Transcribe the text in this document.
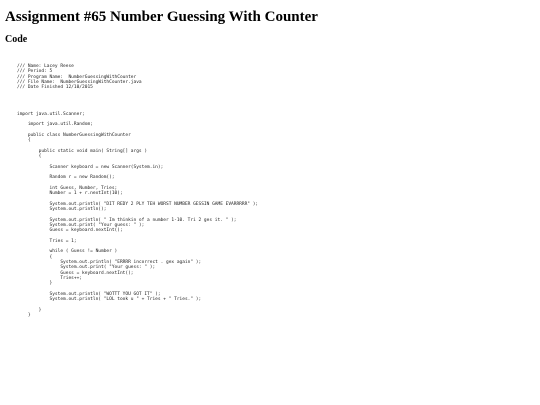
Assignment #65 Number Guessing With Counter
Code
/// Name: Lacey Reese
/// Period: 5
/// Program Name:  NumberGuessingWithCounter
/// File Name:  NumberGuessingWithCounter.java
/// Date Finished 12/10/2015

import java.util.Scanner;

import java.util.Random;

public class NumberGuessingWithCounter
{

public static void main( String[] args )
{

Scanner keyboard = new Scanner(System.in);

Random r = new Random();

int Guess, Number, Tries;
Number = 1 + r.nextInt(10);

System.out.println( "DIT REDY 2 PLY TEH WORST NUMBER GESSIN GAME EVARRRRR" );
System.out.println();

System.out.println( " Im thinkin of a number 1-10. Tri 2 ges it. " );
System.out.print( "Your guess: " );
Guess = keyboard.nextInt();

Tries = 1;

while ( Guess != Number )
{
System.out.println( "ERRRR incorrect . gex again" );
System.out.print( "Your guess: " );
Guess = keyboard.nextInt();
Tries++;
}

System.out.println( "WOTTT YOU GOT IT" );
System.out.println( "LOL took u " + Tries + " Tries." );

}
}
